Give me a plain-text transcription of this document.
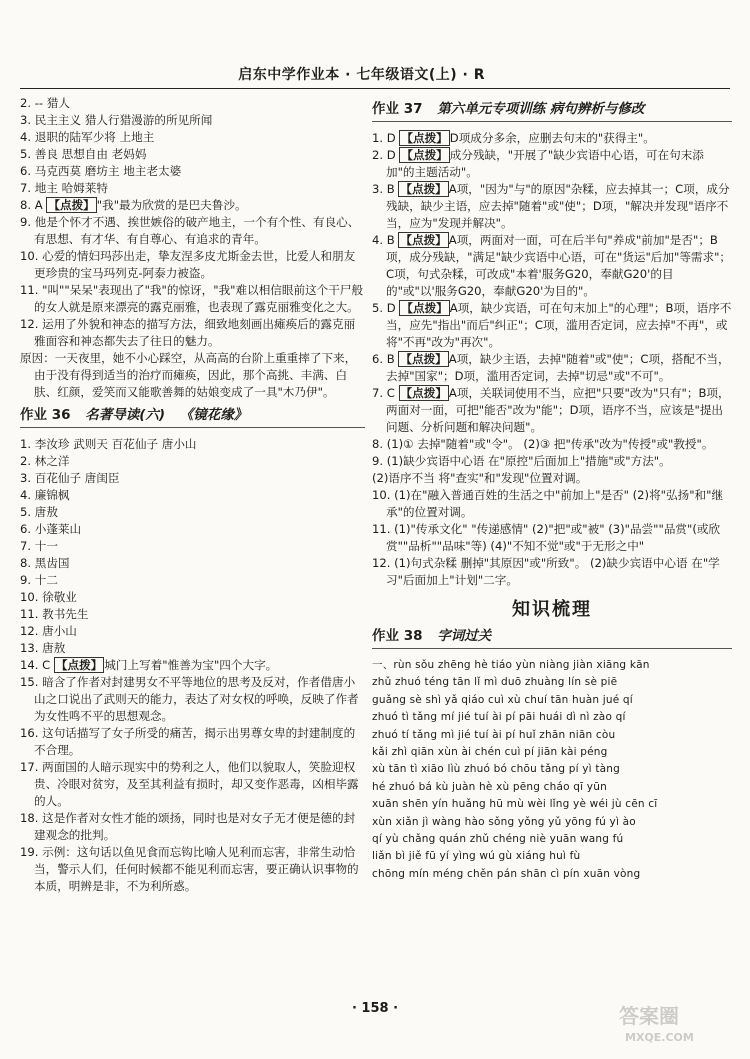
启东中学作业本 · 七年级语文(上) · R

2. -- 猎人

3. 民主主义 猎人行猎漫游的所见所闻

4. 退职的陆军少将 上地主

5. 善良 思想自由 老妈妈

6. 马克西莫 磨坊主 地主老太婆

7. 地主 哈姆莱特

8. A 【点拨】 "我"最为欣赏的是巴夫鲁沙。

9. 他是个怀才不遇、挨世嫉俗的破产地主，一个有个性、有良心、有思想、有才华、有自尊心、有追求的青年。

10. 心爱的情妇玛莎出走，挚友涅多皮尤斯金去世，比爱人和朋友更珍贵的宝马玛列克-阿泰力被盗。

11. "叫""呆呆"表现出了"我"的惊讶，"我"难以相信眼前这个干尸般的女人就是原来漂亮的露克丽雅，也表现了露克丽雅变化之大。

12. 运用了外貌和神态的描写方法，细致地刻画出瘫痪后的露克丽雅面容和神态都失去了往日的魅力。

原因：一天夜里，她不小心踩空，从高高的台阶上重重摔了下来，由于没有得到适当的治疗而瘫痪，因此，那个高挑、丰满、白肤、红颜，爱笑而又能歌善舞的姑娘变成了一具"木乃伊"。

作业 36 名著导读(六) 《镜花缘》

1. 李汝珍 武则天 百花仙子 唐小山

2. 林之洋

3. 百花仙子 唐闺臣

4. 廉锦枫

5. 唐敖

6. 小蓬莱山

7. 十一

8. 黑齿国

9. 十二

10. 徐敬业

11. 教书先生

12. 唐小山

13. 唐敖

14. C 【点拨】 城门上写着"惟善为宝"四个大字。

15. 暗含了作者对封建男女不平等地位的思考及反对，作者借唐小山之口说出了武则天的能力，表达了对女权的呼唤，反映了作者为女性鸣不平的思想观念。

16. 这句话描写了女子所受的痛苦，揭示出男尊女卑的封建制度的不合理。

17. 两面国的人暗示现实中的势利之人，他们以貌取人，笑脸迎权贵、冷眼对贫穷，及至其利益有损时，却又变作恶毒，凶相毕露的人。

18. 这是作者对女性才能的颂扬，同时也是对女子无才便是德的封建观念的批判。

19. 示例：这句话以鱼见食而忘钩比喻人见利而忘害，非常生动恰当，警示人们，任何时候都不能见利而忘害，要正确认识事物的本质，明辨是非，不为利所惑。

作业 37 第六单元专项训练 病句辨析与修改

1. D 【点拨】 D项成分多余，应删去句末的"获得主"。

2. D 【点拨】 成分残缺，"开展了"缺少宾语中心语，可在句末添加"的主题活动"。

3. B 【点拨】 A项，"因为"与"的原因"杂糅，应去掉其一；C项，成分残缺，缺少主语，应去掉"随着"或"使"；D项，"解决并发现"语序不当，应为"发现并解决"。

4. B 【点拨】 A项，两面对一面，可在后半句"养成"前加"是否"；B项，成分残缺，"满足"缺少宾语中心语，可在"货运"后加"等需求"；C项，句式杂糅，可改成"本着'服务G20，奉献G20'的目的"或"以'服务G20，奉献G20'为目的"。

5. D 【点拨】 A项，缺少宾语，可在句末加上"的心理"；B项，语序不当，应先"指出"而后"纠正"；C项，滥用否定词，应去掉"不再"，或将"不再"改为"再次"。

6. B 【点拨】 A项，缺少主语，去掉"随着"或"使"；C项，搭配不当，去掉"国家"；D项，滥用否定词，去掉"切忌"或"不可"。

7. C 【点拨】 A项，关联词使用不当，应把"只要"改为"只有"；B项，两面对一面，可把"能否"改为"能"；D项，语序不当，应该是"提出问题、分析问题和解决问题"。

8. (1)① 去掉"随着"或"令"。 (2)③ 把"传承"改为"传授"或"教授"。

9. (1)缺少宾语中心语 在"原控"后面加上"措施"或"方法"。

(2)语序不当 将"查实"和"发现"位置对调。

10. (1)在"融入普通百姓的生活之中"前加上"是否" (2)将"弘扬"和"继承"的位置对调。

11. (1)"传承文化" "传递感情" (2)"把"或"被" (3)"品尝""品赏"(或欣赏""品析""品味"等) (4)"不知不觉"或"于无形之中"

12. (1)句式杂糅 删掉"其原因"或"所致"。 (2)缺少宾语中心语 在"学习"后面加上"计划"二字。

知识梳理
作业 38 字词过关

一、rùn sǒu zhēng hè tiáo yùn niàng jiàn xiāng kān

zhǔ zhuó téng tān lǐ mì duō zhuàng lín sè piē

guǎng sè shì yǎ qiáo cuì xù chuí tān huàn jué qí

zhuó tì tǎng mí jié tuí ài pí pāi huái dì nì zào qí

zhuó tí tǎng mì jié tuí ài pí huǐ zhān niān còu

kǎi zhì qiān xùn ài chén cuì pí jiān kài péng

xù tān tì xiāo lìù zhuó bó chōu tǎng pí yì tàng

hé zhuó bá kù juàn hè xù pēng cháo qī yūn

xuān shēn yín huǎng hū mù wèi lǐng yè wéi jù cēn cī

xùn xiǎn jì wàng hào sǒng yǒng yǔ yōng fú yì ào

qí yù chǎng quán zhǔ chéng niè yuān wang fú

liǎn bì jiě fū yí yìng wú gù xiáng huì fù

chōng mín méng chěn pán shān cì pín xuān vòng

· 158 ·	答案圈
MXQE.COM
